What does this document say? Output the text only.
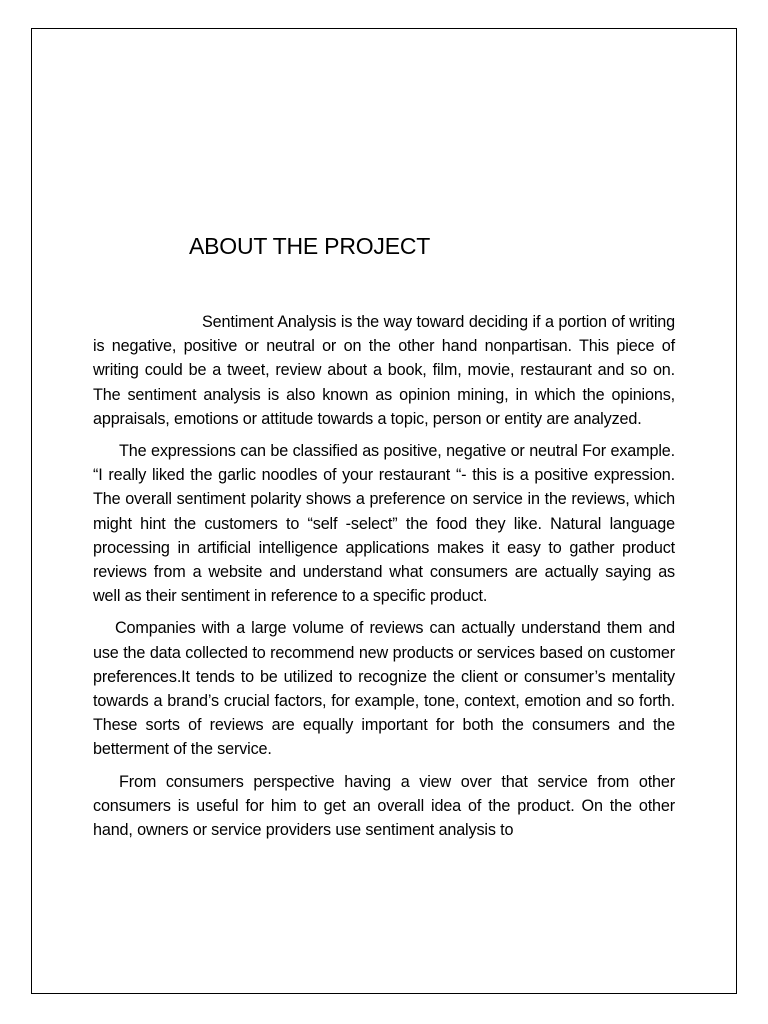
ABOUT THE PROJECT

Sentiment Analysis is the way toward deciding if a portion of writing is negative, positive or neutral or on the other hand nonpartisan. This piece of writing could be a tweet, review about a book, film, movie, restaurant and so on. The sentiment analysis is also known as opinion mining, in which the opinions, appraisals, emotions or attitude towards a topic, person or entity are analyzed.

The expressions can be classified as positive, negative or neutral For example. “I really liked the garlic noodles of your restaurant “- this is a positive expression. The overall sentiment polarity shows a preference on service in the reviews, which might hint the customers to “self -select” the food they like. Natural language processing in artificial intelligence applications makes it easy to gather product reviews from a website and understand what consumers are actually saying as well as their sentiment in reference to a specific product.

Companies with a large volume of reviews can actually understand them and use the data collected to recommend new products or services based on customer preferences.It tends to be utilized to recognize the client or consumer’s mentality towards a brand’s crucial factors, for example, tone, context, emotion and so forth. These sorts of reviews are equally important for both the consumers and the betterment of the service.

From consumers perspective having a view over that service from other consumers is useful for him to get an overall idea of the product. On the other hand, owners or service providers use sentiment analysis to
